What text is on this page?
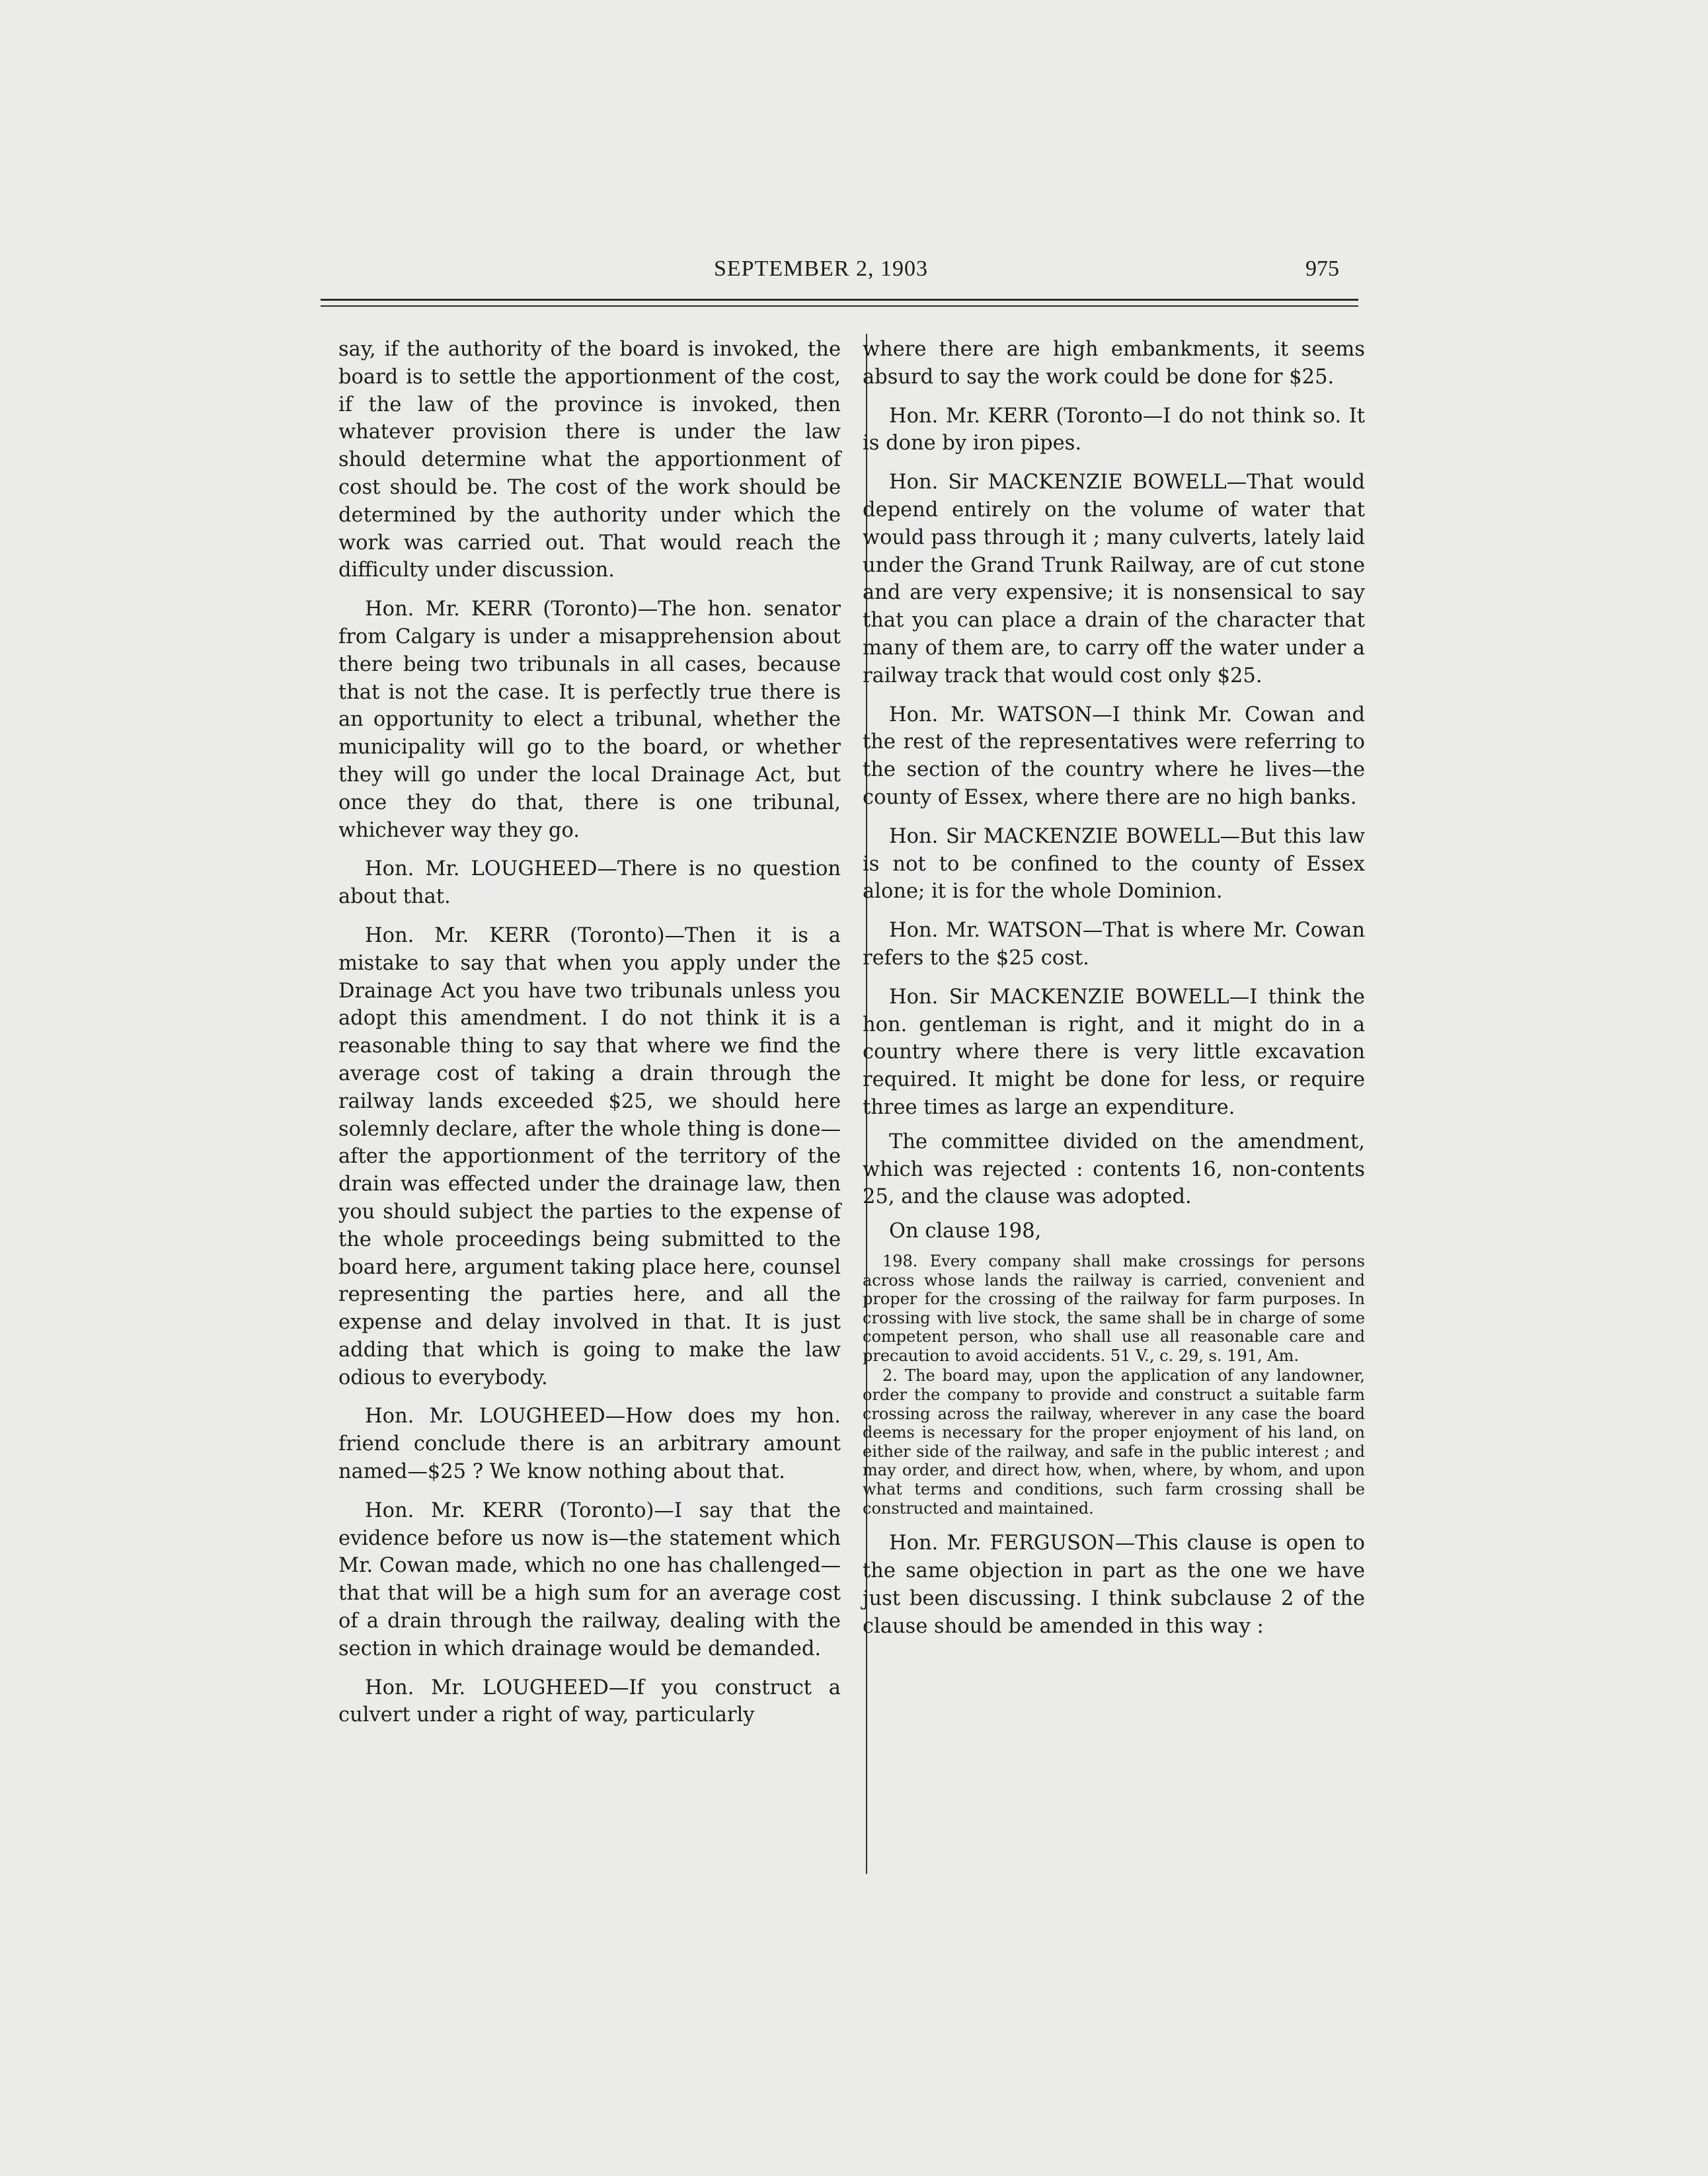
SEPTEMBER 2, 1903	975

say, if the authority of the board is invoked, the board is to settle the apportionment of the cost, if the law of the province is invoked, then whatever provision there is under the law should determine what the apportionment of cost should be. The cost of the work should be determined by the authority under which the work was carried out. That would reach the difficulty under discussion.

Hon. Mr. KERR (Toronto)—The hon. senator from Calgary is under a misapprehension about there being two tribunals in all cases, because that is not the case. It is perfectly true there is an opportunity to elect a tribunal, whether the municipality will go to the board, or whether they will go under the local Drainage Act, but once they do that, there is one tribunal, whichever way they go.

Hon. Mr. LOUGHEED—There is no question about that.

Hon. Mr. KERR (Toronto)—Then it is a mistake to say that when you apply under the Drainage Act you have two tribunals unless you adopt this amendment. I do not think it is a reasonable thing to say that where we find the average cost of taking a drain through the railway lands exceeded $25, we should here solemnly declare, after the whole thing is done—after the apportionment of the territory of the drain was effected under the drainage law, then you should subject the parties to the expense of the whole proceedings being submitted to the board here, argument taking place here, counsel representing the parties here, and all the expense and delay involved in that. It is just adding that which is going to make the law odious to everybody.

Hon. Mr. LOUGHEED—How does my hon. friend conclude there is an arbitrary amount named—$25 ? We know nothing about that.

Hon. Mr. KERR (Toronto)—I say that the evidence before us now is—the statement which Mr. Cowan made, which no one has challenged—that that will be a high sum for an average cost of a drain through the railway, dealing with the section in which drainage would be demanded.

Hon. Mr. LOUGHEED—If you construct a culvert under a right of way, particularly

where there are high embankments, it seems absurd to say the work could be done for $25.

Hon. Mr. KERR (Toronto—I do not think so. It is done by iron pipes.

Hon. Sir MACKENZIE BOWELL—That would depend entirely on the volume of water that would pass through it ; many culverts, lately laid under the Grand Trunk Railway, are of cut stone and are very expensive; it is nonsensical to say that you can place a drain of the character that many of them are, to carry off the water under a railway track that would cost only $25.

Hon. Mr. WATSON—I think Mr. Cowan and the rest of the representatives were referring to the section of the country where he lives—the county of Essex, where there are no high banks.

Hon. Sir MACKENZIE BOWELL—But this law is not to be confined to the county of Essex alone; it is for the whole Dominion.

Hon. Mr. WATSON—That is where Mr. Cowan refers to the $25 cost.

Hon. Sir MACKENZIE BOWELL—I think the hon. gentleman is right, and it might do in a country where there is very little excavation required. It might be done for less, or require three times as large an expenditure.

The committee divided on the amendment, which was rejected : contents 16, non-contents 25, and the clause was adopted.

On clause 198,

198. Every company shall make crossings for persons across whose lands the railway is carried, convenient and proper for the crossing of the railway for farm purposes. In crossing with live stock, the same shall be in charge of some competent person, who shall use all reasonable care and precaution to avoid accidents. 51 V., c. 29, s. 191, Am.

2. The board may, upon the application of any landowner, order the company to provide and construct a suitable farm crossing across the railway, wherever in any case the board deems is necessary for the proper enjoyment of his land, on either side of the railway, and safe in the public interest ; and may order, and direct how, when, where, by whom, and upon what terms and conditions, such farm crossing shall be constructed and maintained.

Hon. Mr. FERGUSON—This clause is open to the same objection in part as the one we have just been discussing. I think subclause 2 of the clause should be amended in this way :
